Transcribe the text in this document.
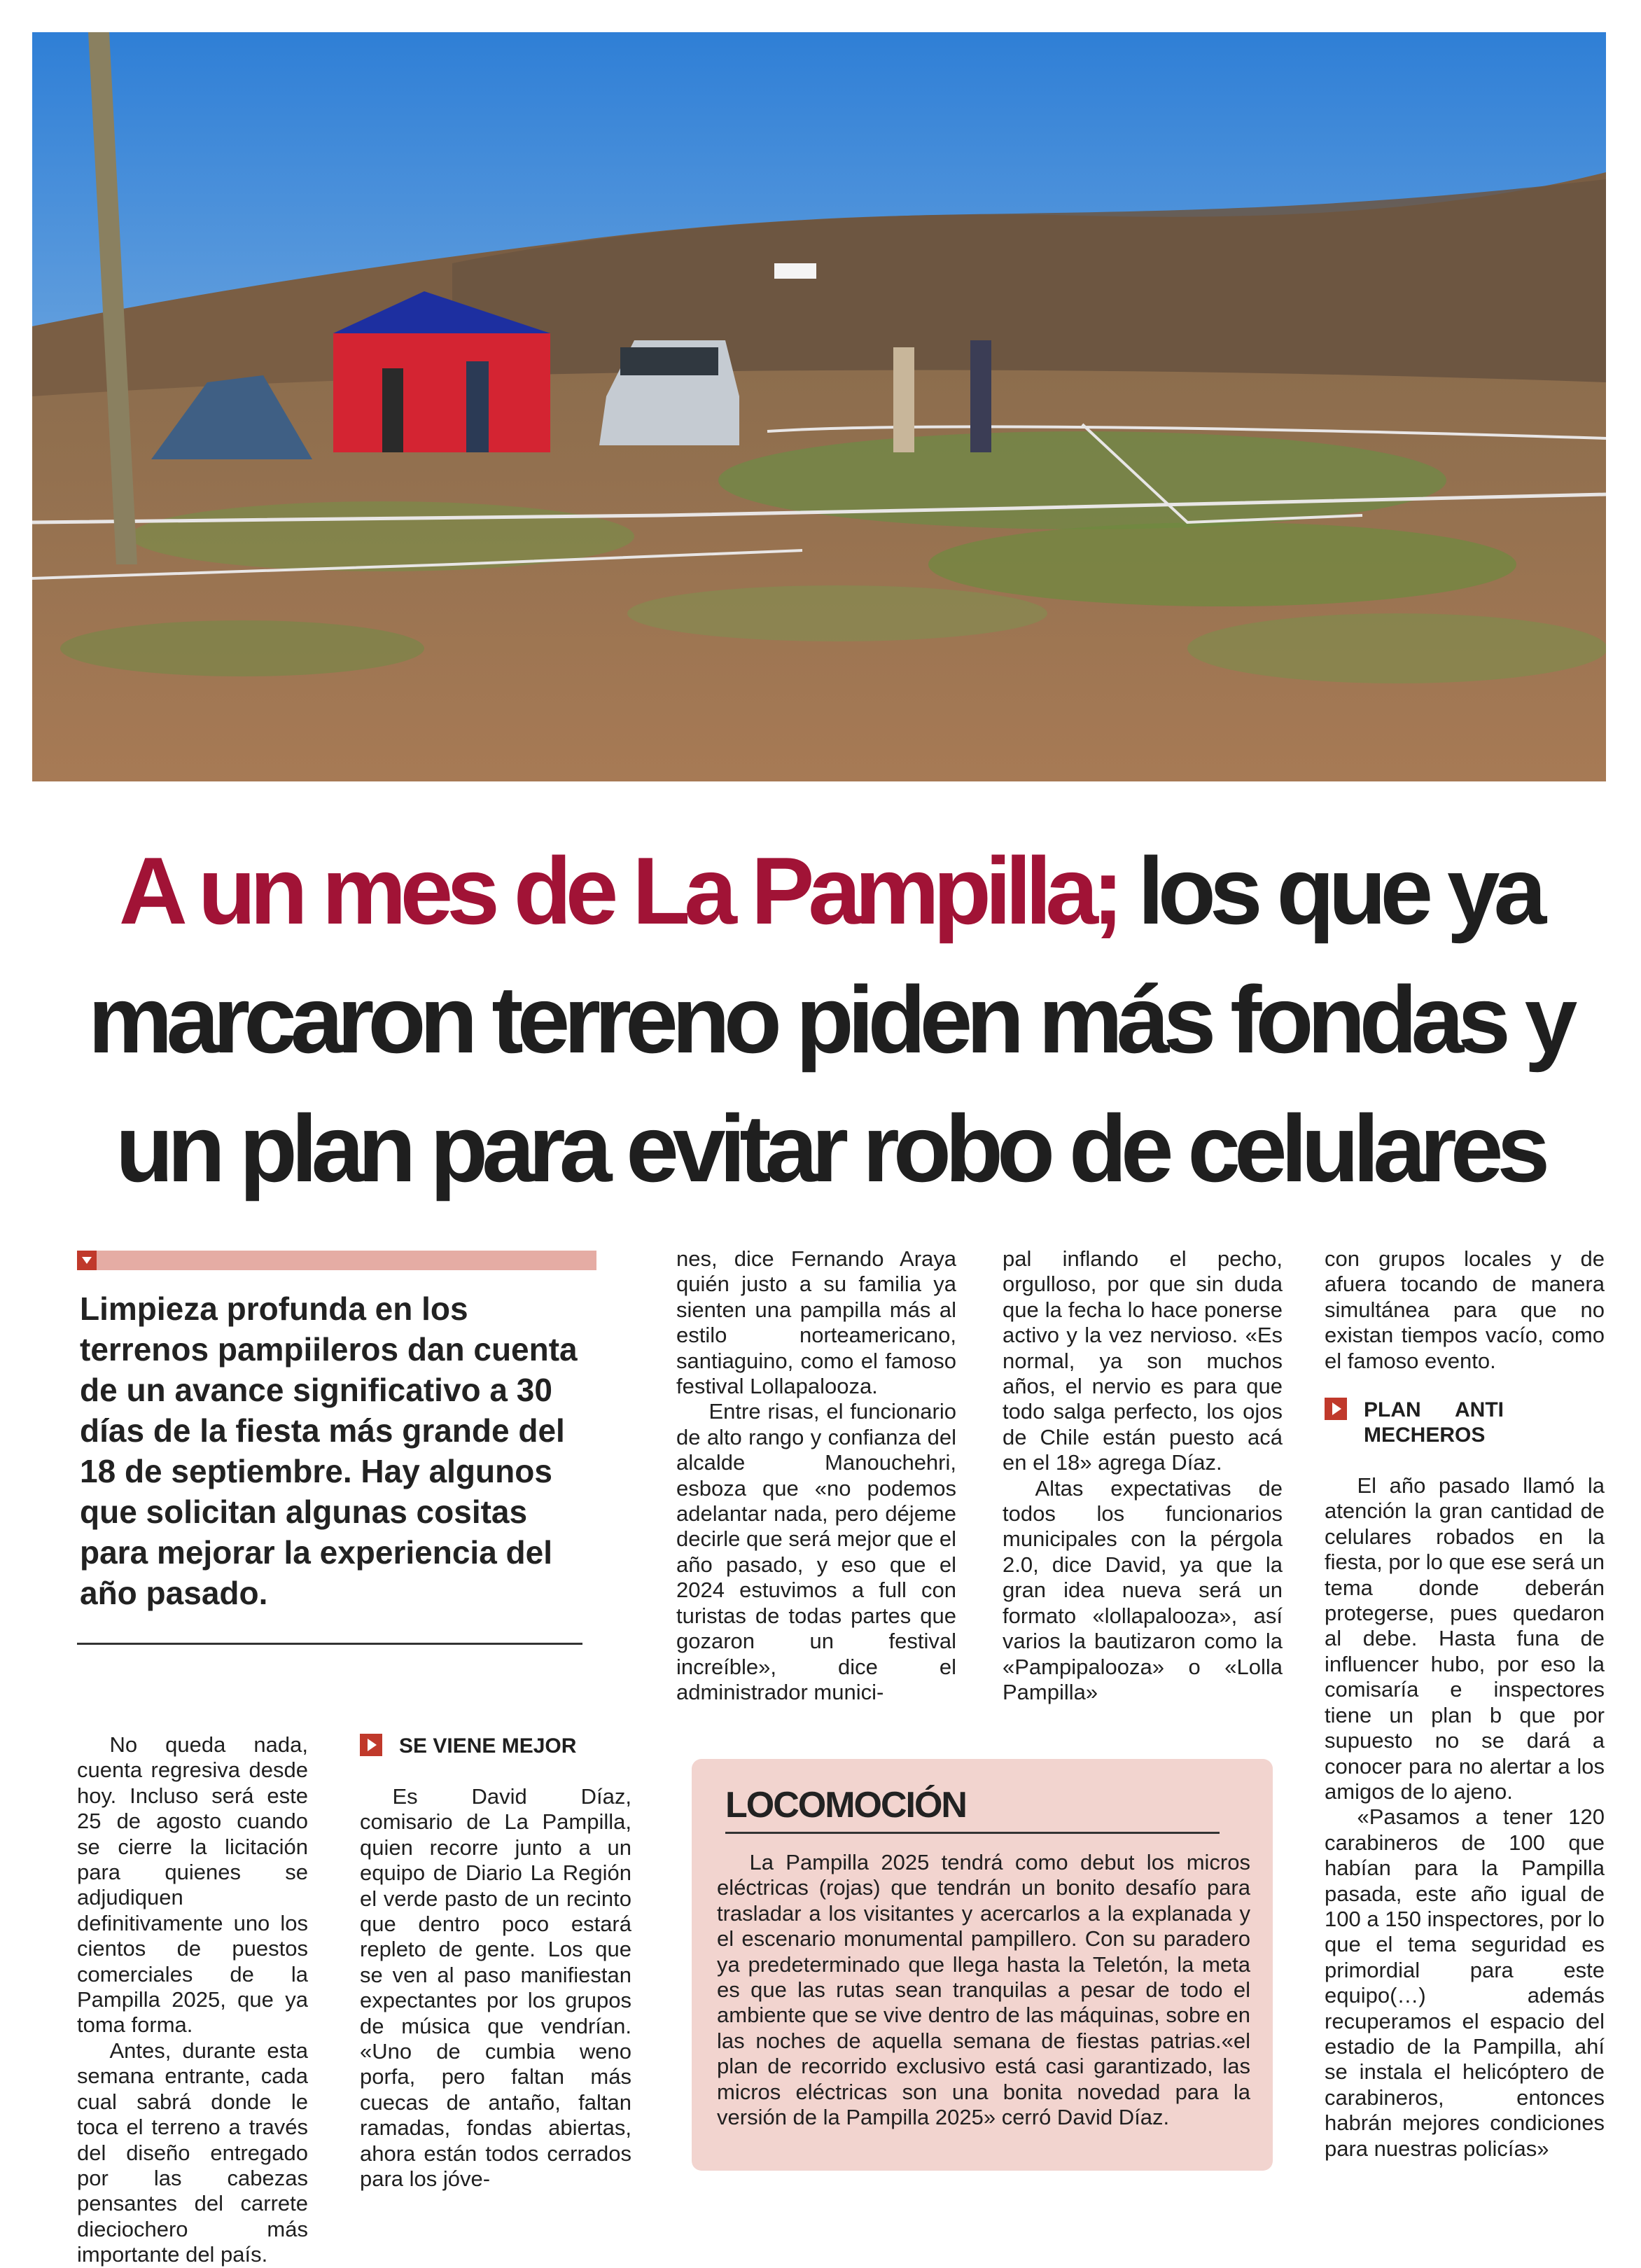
A un mes de La Pampilla; los que ya marcaron terreno piden más fondas y un plan para evitar robo de celulares
Limpieza profunda en los terrenos pampiileros dan cuenta de un avance significativo a 30 días de la fiesta más grande del 18 de septiembre. Hay algunos que solicitan algunas cositas para mejorar la experiencia del año pasado.

No queda nada, cuenta regresiva desde hoy. Incluso será este 25 de agosto cuando se cierre la licitación para quienes se adjudiquen definitivamente uno los cientos de puestos comerciales de la Pampilla 2025, que ya toma forma.

Antes, durante esta semana entrante, cada cual sabrá donde le toca el terreno a través del diseño entregado por las cabezas pensantes del carrete dieciochero más importante del país.

SE VIENE MEJOR

Es David Díaz, comisario de La Pampilla, quien recorre junto a un equipo de Diario La Región el verde pasto de un recinto que dentro poco estará repleto de gente. Los que se ven al paso manifiestan expectantes por los grupos de música que vendrían. «Uno de cumbia weno porfa, pero faltan más cuecas de antaño, faltan ramadas, fondas abiertas, ahora están todos cerrados para los jóve-

nes, dice Fernando Araya quién justo a su familia ya sienten una pampilla más al estilo norteamericano, santiaguino, como el famoso festival Lollapalooza.

Entre risas, el funcionario de alto rango y confianza del alcalde Manouchehri, esboza que «no podemos adelantar nada, pero déjeme decirle que será mejor que el año pasado, y eso que el 2024 estuvimos a full con turistas de todas partes que gozaron un festival increíble», dice el administrador munici-

pal inflando el pecho, orgulloso, por que sin duda que la fecha lo hace ponerse activo y la vez nervioso. «Es normal, ya son muchos años, el nervio es para que todo salga perfecto, los ojos de Chile están puesto acá en el 18» agrega Díaz.

Altas expectativas de todos los funcionarios municipales con la pérgola 2.0, dice David, ya que la gran idea nueva será un formato «lollapalooza», así varios la bautizaron como la «Pampipalooza» o «Lolla Pampilla»

con grupos locales y de afuera tocando de manera simultánea para que no existan tiempos vacío, como el famoso evento.

PLAN ANTI MECHEROS

El año pasado llamó la atención la gran cantidad de celulares robados en la fiesta, por lo que ese será un tema donde deberán protegerse, pues quedaron al debe. Hasta funa de influencer hubo, por eso la comisaría e inspectores tiene un plan b que por supuesto no se dará a conocer para no alertar a los amigos de lo ajeno.

«Pasamos a tener 120 carabineros de 100 que habían para la Pampilla pasada, este año igual de 100 a 150 inspectores, por lo que el tema seguridad es primordial para este equipo(…) además recuperamos el espacio del estadio de la Pampilla, ahí se instala el helicóptero de carabineros, entonces habrán mejores condiciones para nuestras policías»

LOCOMOCIÓN

La Pampilla 2025 tendrá como debut los micros eléctricas (rojas) que tendrán un bonito desafío para trasladar a los visitantes y acercarlos a la explanada y el escenario monumental pampillero. Con su paradero ya predeterminado que llega hasta la Teletón, la meta es que las rutas sean tranquilas a pesar de todo el ambiente que se vive dentro de las máquinas, sobre en las noches de aquella semana de fiestas patrias.«el plan de recorrido exclusivo está casi garantizado, las micros eléctricas son una bonita novedad para la versión de la Pampilla 2025» cerró David Díaz.
